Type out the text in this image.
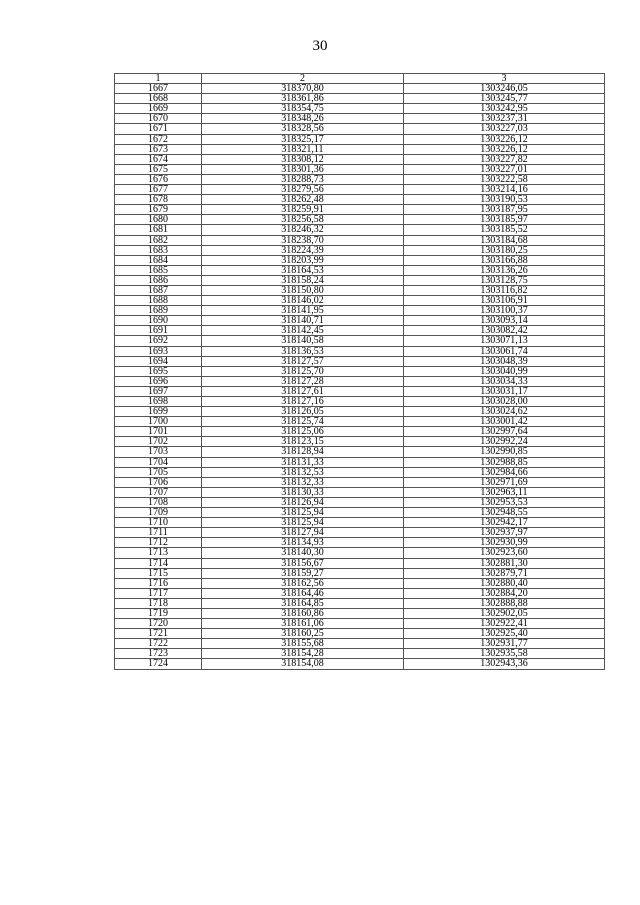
30
1	2	3
1667	318370,80	1303246,05
1668	318361,86	1303245,77
1669	318354,75	1303242,95
1670	318348,26	1303237,31
1671	318328,56	1303227,03
1672	318325,17	1303226,12
1673	318321,11	1303226,12
1674	318308,12	1303227,82
1675	318301,36	1303227,01
1676	318288,73	1303222,58
1677	318279,56	1303214,16
1678	318262,48	1303190,53
1679	318259,91	1303187,95
1680	318256,58	1303185,97
1681	318246,32	1303185,52
1682	318238,70	1303184,68
1683	318224,39	1303180,25
1684	318203,99	1303166,88
1685	318164,53	1303136,26
1686	318158,24	1303128,75
1687	318150,80	1303116,82
1688	318146,02	1303106,91
1689	318141,95	1303100,37
1690	318140,71	1303093,14
1691	318142,45	1303082,42
1692	318140,58	1303071,13
1693	318136,53	1303061,74
1694	318127,57	1303048,39
1695	318125,70	1303040,99
1696	318127,28	1303034,33
1697	318127,61	1303031,17
1698	318127,16	1303028,00
1699	318126,05	1303024,62
1700	318125,74	1303001,42
1701	318125,06	1302997,64
1702	318123,15	1302992,24
1703	318128,94	1302990,85
1704	318131,33	1302988,85
1705	318132,53	1302984,66
1706	318132,33	1302971,69
1707	318130,33	1302963,11
1708	318126,94	1302953,53
1709	318125,94	1302948,55
1710	318125,94	1302942,17
1711	318127,94	1302937,97
1712	318134,93	1302930,99
1713	318140,30	1302923,60
1714	318156,67	1302881,30
1715	318159,27	1302879,71
1716	318162,56	1302880,40
1717	318164,46	1302884,20
1718	318164,85	1302888,88
1719	318160,86	1302902,05
1720	318161,06	1302922,41
1721	318160,25	1302925,40
1722	318155,68	1302931,77
1723	318154,28	1302935,58
1724	318154,08	1302943,36
